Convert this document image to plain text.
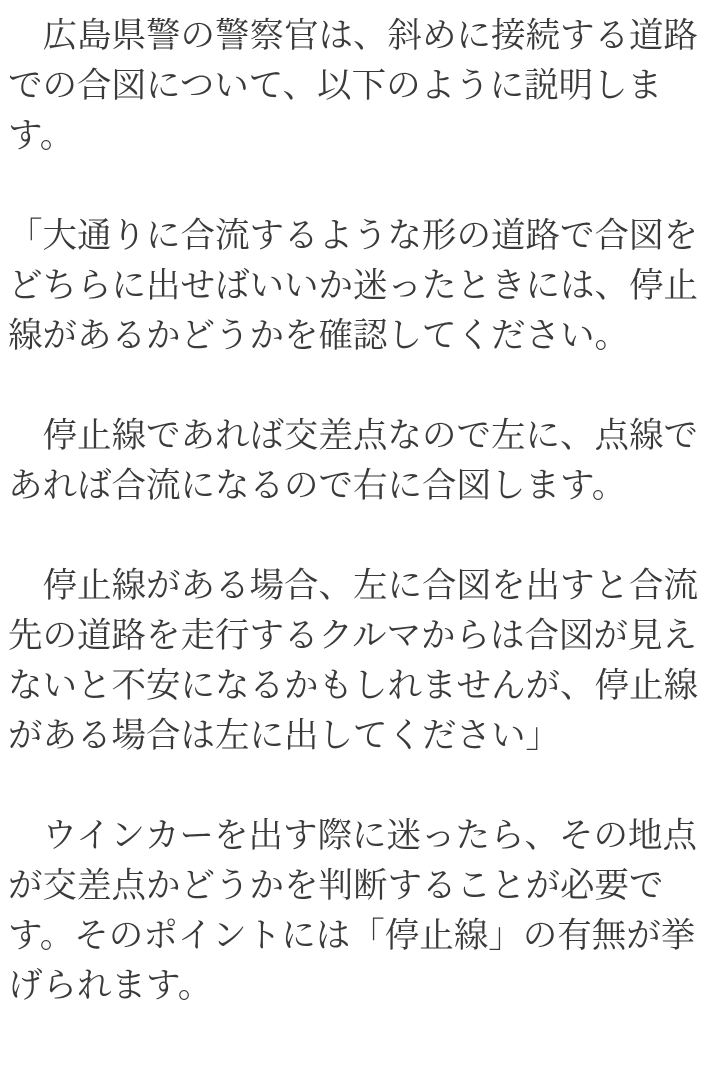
　広島県警の警察官は、斜めに接続する道路での合図について、以下のように説明します。

「大通りに合流するような形の道路で合図をどちらに出せばいいか迷ったときには、停止線があるかどうかを確認してください。

　停止線であれば交差点なので左に、点線であれば合流になるので右に合図します。

　停止線がある場合、左に合図を出すと合流先の道路を走行するクルマからは合図が見えないと不安になるかもしれませんが、停止線がある場合は左に出してください」

　ウインカーを出す際に迷ったら、その地点が交差点かどうかを判断することが必要です。そのポイントには「停止線」の有無が挙げられます。
